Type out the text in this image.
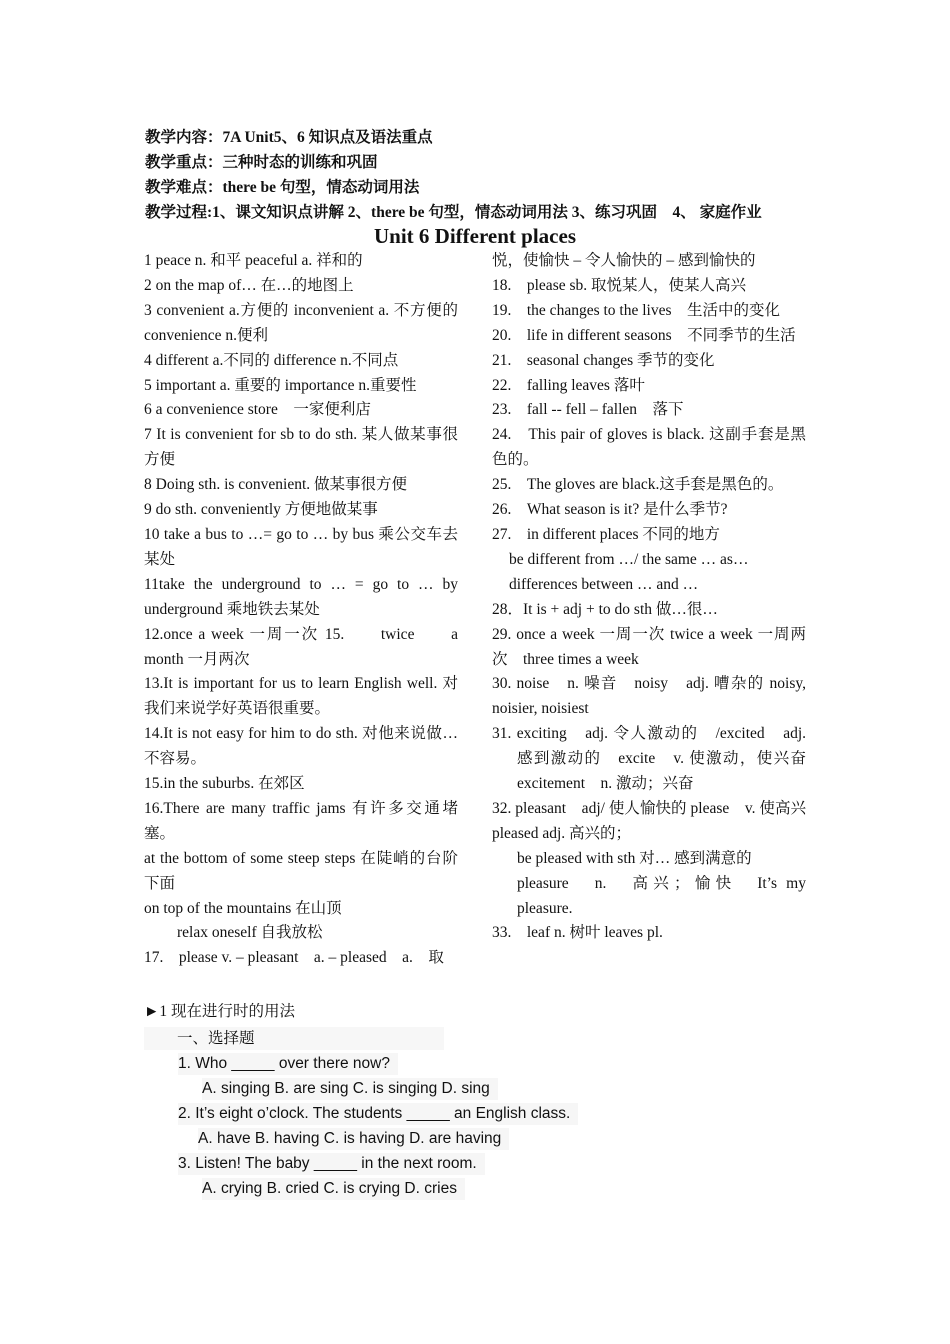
教学内容：7A Unit5、6 知识点及语法重点
教学重点：三种时态的训练和巩固
教学难点：there be 句型，情态动词用法
教学过程:1、课文知识点讲解 2、there be 句型，情态动词用法 3、练习巩固　4、 家庭作业
Unit 6 Different places

1 peace n. 和平 peaceful a. 祥和的

2 on the map of… 在…的地图上

3 convenient a.方便的 inconvenient a. 不方便的 convenience n.便利

4 different a.不同的 difference n.不同点

5 important a. 重要的 importance n.重要性

6 a convenience store　一家便利店

7 It is convenient for sb to do sth. 某人做某事很方便

8 Doing sth. is convenient. 做某事很方便

9 do sth. conveniently 方便地做某事

10 take a bus to …= go to … by bus 乘公交车去某处

11take the underground to … = go to … by underground 乘地铁去某处

12.once a week 一周一次 15.　　twice　　a month 一月两次

13.It is important for us to learn English well. 对我们来说学好英语很重要。

14.It is not easy for him to do sth. 对他来说做…不容易。

15.in the suburbs. 在郊区

16.There are many traffic jams 有许多交通堵塞。

at the bottom of some steep steps 在陡峭的台阶下面

on top of the mountains 在山顶

relax oneself 自我放松

17.　please v. – pleasant　a. – pleased　a.　取

悦，使愉快 – 令人愉快的 – 感到愉快的

18.　please sb. 取悦某人，使某人高兴

19.　the changes to the lives　生活中的变化

20.　life in different seasons　不同季节的生活

21.　seasonal changes 季节的变化

22.　falling leaves 落叶

23.　fall -- fell – fallen　落下

24.　This pair of gloves is black. 这副手套是黑色的。

25.　The gloves are black.这手套是黑色的。

26.　What season is it? 是什么季节?

27.　in different places 不同的地方

be different from …/ the same … as…

differences between … and …

28．It is + adj + to do sth 做…很…

29. once a week 一周一次 twice a week 一周两次　three times a week

30. noise　n. 噪音　noisy　adj. 嘈杂的 noisy, noisier, noisiest

31. exciting　adj. 令人激动的　/excited　adj. 感到激动的　excite　v. 使激动，使兴奋　excitement　n. 激动；兴奋

32. pleasant　adj/ 使人愉快的 please　v. 使高兴 pleased adj. 高兴的；

be pleased with sth 对… 感到满意的

pleasure　n.　高兴；愉快　It’s my pleasure.

33.　leaf n. 树叶 leaves pl.

►1 现在进行时的用法
一、选择题
1. Who _____ over there now?
A. singing B. are sing C. is singing D. sing
2. It’s eight o’clock. The students _____ an English class.
A. have B. having C. is having D. are having
3. Listen! The baby _____ in the next room.
A. crying B. cried C. is crying D. cries
